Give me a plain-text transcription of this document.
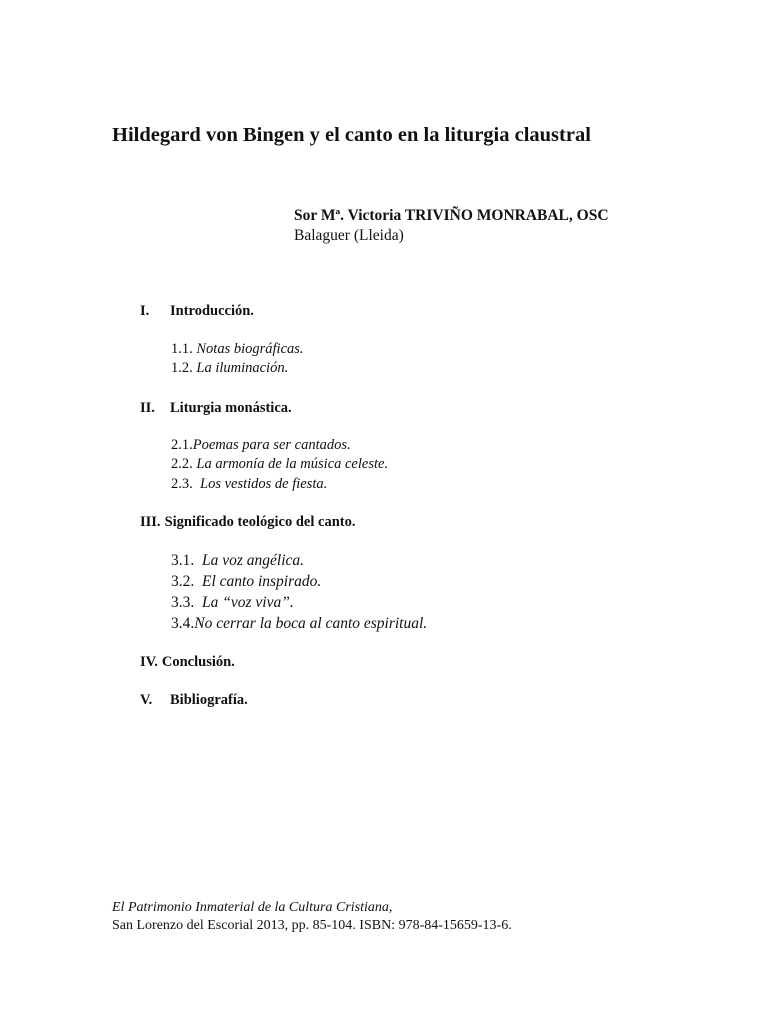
Hildegard von Bingen y el canto en la liturgia claustral
Sor Mª. Victoria TRIVIÑO MONRABAL, OSC
Balaguer (Lleida)
I. Introducción.
1.1. Notas biográficas.
1.2. La iluminación.
II. Liturgia monástica.
2.1.Poemas para ser cantados.
2.2. La armonía de la música celeste.
2.3. Los vestidos de fiesta.
III. Significado teológico del canto.
3.1. La voz angélica.
3.2. El canto inspirado.
3.3. La “voz viva”.
3.4.No cerrar la boca al canto espiritual.
IV. Conclusión.
V. Bibliografía.
El Patrimonio Inmaterial de la Cultura Cristiana,
San Lorenzo del Escorial 2013, pp. 85-104. ISBN: 978-84-15659-13-6.
